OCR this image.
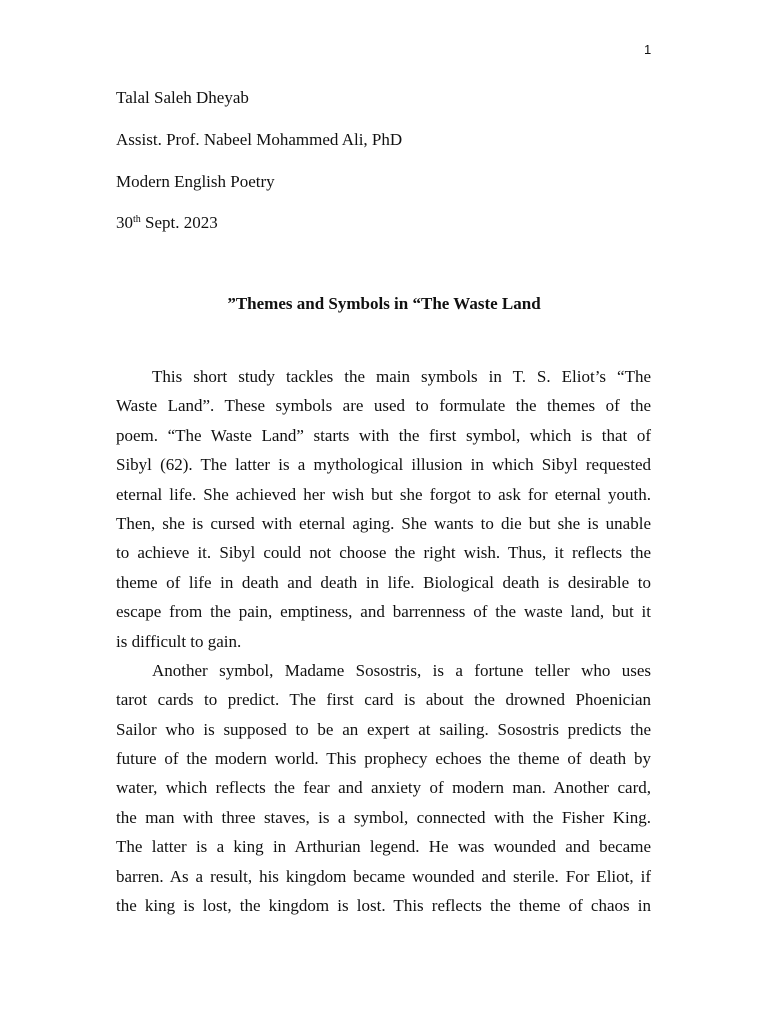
1
Talal Saleh Dheyab
Assist. Prof. Nabeel Mohammed Ali, PhD
Modern English Poetry
30th Sept. 2023
”Themes and Symbols in “The Waste Land
This short study tackles the main symbols in T. S. Eliot’s “The
Waste Land”. These symbols are used to formulate the themes of the
poem. “The Waste Land” starts with the first symbol, which is that of
Sibyl (62). The latter is a mythological illusion in which Sibyl requested
eternal life. She achieved her wish but she forgot to ask for eternal youth.
Then, she is cursed with eternal aging. She wants to die but she is unable
to achieve it. Sibyl could not choose the right wish. Thus, it reflects the
theme of life in death and death in life. Biological death is desirable to
escape from the pain, emptiness, and barrenness of the waste land, but it
is difficult to gain.
Another symbol, Madame Sosostris, is a fortune teller who uses
tarot cards to predict. The first card is about the drowned Phoenician
Sailor who is supposed to be an expert at sailing. Sosostris predicts the
future of the modern world. This prophecy echoes the theme of death by
water, which reflects the fear and anxiety of modern man. Another card,
the man with three staves, is a symbol, connected with the Fisher King.
The latter is a king in Arthurian legend. He was wounded and became
barren. As a result, his kingdom became wounded and sterile. For Eliot, if
the king is lost, the kingdom is lost. This reflects the theme of chaos in
